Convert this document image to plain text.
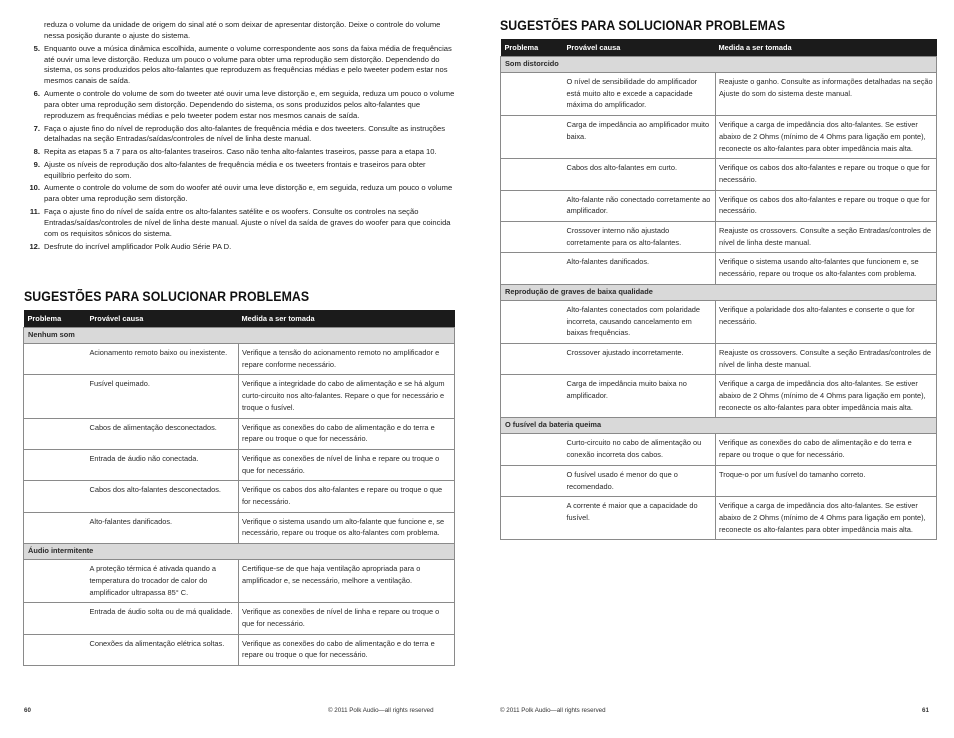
reduza o volume da unidade de origem do sinal até o som deixar de apresentar distorção. Deixe o controle do volume nessa posição durante o ajuste do sistema.
5. Enquanto ouve a música dinâmica escolhida, aumente o volume correspondente aos sons da faixa média de frequências até ouvir uma leve distorção. Reduza um pouco o volume para obter uma reprodução sem distorção. Dependendo do sistema, os sons produzidos pelos alto-falantes que reproduzem as frequências médias e pelo tweeter podem estar nos mesmos canais de saída.
6. Aumente o controle do volume de som do tweeter até ouvir uma leve distorção e, em seguida, reduza um pouco o volume para obter uma reprodução sem distorção. Dependendo do sistema, os sons produzidos pelos alto-falantes que reproduzem as frequências médias e pelo tweeter podem estar nos mesmos canais de saída.
7. Faça o ajuste fino do nível de reprodução dos alto-falantes de frequência média e dos tweeters. Consulte as instruções detalhadas na seção Entradas/saídas/controles de nível de linha deste manual.
8. Repita as etapas 5 a 7 para os alto-falantes traseiros. Caso não tenha alto-falantes traseiros, passe para a etapa 10.
9. Ajuste os níveis de reprodução dos alto-falantes de frequência média e os tweeters frontais e traseiros para obter equilíbrio perfeito do som.
10. Aumente o controle do volume de som do woofer até ouvir uma leve distorção e, em seguida, reduza um pouco o volume para obter uma reprodução sem distorção.
11. Faça o ajuste fino do nível de saída entre os alto-falantes satélite e os woofers. Consulte os controles na seção Entradas/saídas/controles de nível de linha deste manual. Ajuste o nível da saída de graves do woofer para que coincida com os requisitos sônicos do sistema.
12. Desfrute do incrível amplificador Polk Audio Série PA D.
SUGESTÕES PARA SOLUCIONAR PROBLEMAS
Problema	Provável causa	Medida a ser tomada
Nenhum som		
	Acionamento remoto baixo ou inexistente.	Verifique a tensão do acionamento remoto no amplificador e repare conforme necessário.
	Fusível queimado.	Verifique a integridade do cabo de alimentação e se há algum curto-circuito nos alto-falantes. Repare o que for necessário e troque o fusível.
	Cabos de alimentação desconectados.	Verifique as conexões do cabo de alimentação e do terra e repare ou troque o que for necessário.
	Entrada de áudio não conectada.	Verifique as conexões de nível de linha e repare ou troque o que for necessário.
	Cabos dos alto-falantes desconectados.	Verifique os cabos dos alto-falantes e repare ou troque o que for necessário.
	Alto-falantes danificados.	Verifique o sistema usando um alto-falante que funcione e, se necessário, repare ou troque os alto-falantes com problema.
Áudio intermitente		
	A proteção térmica é ativada quando a temperatura do trocador de calor do amplificador ultrapassa 85° C.	Certifique-se de que haja ventilação apropriada para o amplificador e, se necessário, melhore a ventilação.
	Entrada de áudio solta ou de má qualidade.	Verifique as conexões de nível de linha e repare ou troque o que for necessário.
	Conexões da alimentação elétrica soltas.	Verifique as conexões do cabo de alimentação e do terra e repare ou troque o que for necessário.
60	© 2011 Polk Audio—all rights reserved
SUGESTÕES PARA SOLUCIONAR PROBLEMAS
Problema	Provável causa	Medida a ser tomada
Som distorcido		
	O nível de sensibilidade do amplificador está muito alto e excede a capacidade máxima do amplificador.	Reajuste o ganho. Consulte as informações detalhadas na seção Ajuste do som do sistema deste manual.
	Carga de impedância ao amplificador muito baixa.	Verifique a carga de impedância dos alto-falantes. Se estiver abaixo de 2 Ohms (mínimo de 4 Ohms para ligação em ponte), reconecte os alto-falantes para obter impedância mais alta.
	Cabos dos alto-falantes em curto.	Verifique os cabos dos alto-falantes e repare ou troque o que for necessário.
	Alto-falante não conectado corretamente ao amplificador.	Verifique os cabos dos alto-falantes e repare ou troque o que for necessário.
	Crossover interno não ajustado corretamente para os alto-falantes.	Reajuste os crossovers. Consulte a seção Entradas/controles de nível de linha deste manual.
	Alto-falantes danificados.	Verifique o sistema usando alto-falantes que funcionem e, se necessário, repare ou troque os alto-falantes com problema.
Reprodução de graves de baixa qualidade		
	Alto-falantes conectados com polaridade incorreta, causando cancelamento em baixas frequências.	Verifique a polaridade dos alto-falantes e conserte o que for necessário.
	Crossover ajustado incorretamente.	Reajuste os crossovers. Consulte a seção Entradas/controles de nível de linha deste manual.
	Carga de impedância muito baixa no amplificador.	Verifique a carga de impedância dos alto-falantes. Se estiver abaixo de 2 Ohms (mínimo de 4 Ohms para ligação em ponte), reconecte os alto-falantes para obter impedância mais alta.
O fusível da bateria queima		
	Curto-circuito no cabo de alimentação ou conexão incorreta dos cabos.	Verifique as conexões do cabo de alimentação e do terra e repare ou troque o que for necessário.
	O fusível usado é menor do que o recomendado.	Troque-o por um fusível do tamanho correto.
	A corrente é maior que a capacidade do fusível.	Verifique a carga de impedância dos alto-falantes. Se estiver abaixo de 2 Ohms (mínimo de 4 Ohms para ligação em ponte), reconecte os alto-falantes para obter impedância mais alta.
© 2011 Polk Audio—all rights reserved	61
